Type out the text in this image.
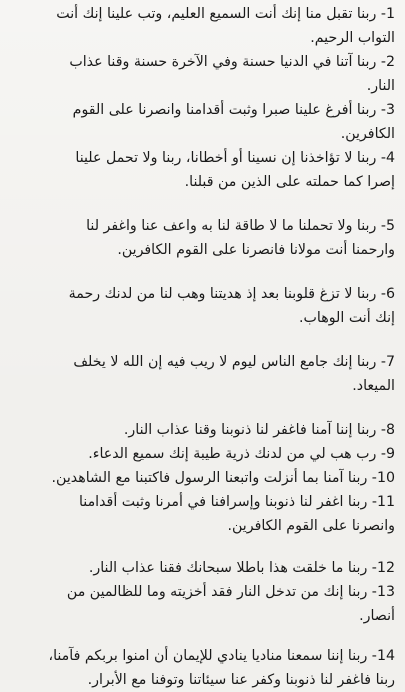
1- ربنا تقبل منا إنك أنت السميع العليم، وتب علينا إنك أنت
التواب الرحيم.
2- ربنا آتنا في الدنيا حسنة وفي الآخرة حسنة وقنا عذاب
النار.
3- ربنا أفرغ علينا صبرا وثبت أقدامنا وانصرنا على القوم
الكافرين.
4- ربنا لا تؤاخذنا إن نسينا أو أخطانا، ربنا ولا تحمل علينا
إصرا كما حملته على الذين من قبلنا.
5- ربنا ولا تحملنا ما لا طاقة لنا به واعف عنا واغفر لنا
وارحمنا أنت مولانا فانصرنا على القوم الكافرين.
6- ربنا لا تزغ قلوبنا بعد إذ هديتنا وهب لنا من لدنك رحمة
إنك أنت الوهاب.
7- ربنا إنك جامع الناس ليوم لا ريب فيه إن الله لا يخلف
الميعاد.
8- ربنا إننا آمنا فاغفر لنا ذنوبنا وقنا عذاب النار.
9- رب هب لي من لدنك ذرية طيبة إنك سميع الدعاء.
10- ربنا آمنا بما أنزلت واتبعنا الرسول فاكتبنا مع الشاهدين.
11- ربنا اغفر لنا ذنوبنا وإسرافنا في أمرنا وثبت أقدامنا
وانصرنا على القوم الكافرين.
12- ربنا ما خلقت هذا باطلا سبحانك فقنا عذاب النار.
13- ربنا إنك من تدخل النار فقد أخزيته وما للظالمين من
أنصار.
14- ربنا إننا سمعنا مناديا ينادي للإيمان أن امنوا بربكم فآمنا،
ربنا فاغفر لنا ذنوبنا وكفر عنا سيئاتنا وتوفنا مع الأبرار.
